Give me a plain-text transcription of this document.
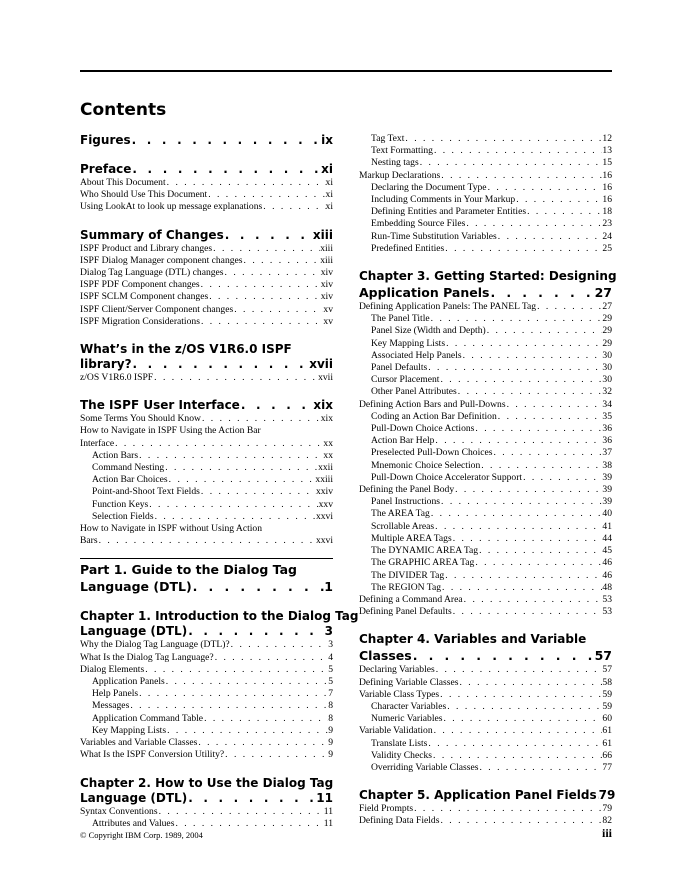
Contents
Figures . . .	ix
Preface . . .	xi
About This Document . . .	xi
Who Should Use This Document . . .	xi
Using LookAt to look up message explanations . . .	xi
Summary of Changes . . .	xiii
ISPF Product and Library changes . . .	xiii
ISPF Dialog Manager component changes . . .	xiii
Dialog Tag Language (DTL) changes . . .	xiv
ISPF PDF Component changes . . .	xiv
ISPF SCLM Component changes . . .	xiv
ISPF Client/Server Component changes . . .	xv
ISPF Migration Considerations . . .	xv
What’s in the z/OS V1R6.0 ISPF
library? . . .	xvii
z/OS V1R6.0 ISPF . . .	xvii
The ISPF User Interface . . .	xix
Some Terms You Should Know . . .	xix
How to Navigate in ISPF Using the Action Bar
Interface . . .	xx
Action Bars . . .	xx
Command Nesting . . .	xxii
Action Bar Choices . . .	xxiii
Point-and-Shoot Text Fields . . .	xxiv
Function Keys . . .	xxv
Selection Fields . . .	xxvi
How to Navigate in ISPF without Using Action
Bars . . .	xxvi
Part 1. Guide to the Dialog Tag
Language (DTL) . . .	1
Chapter 1. Introduction to the Dialog Tag
Language (DTL) . . .	3
Why the Dialog Tag Language (DTL)? . . .	3
What Is the Dialog Tag Language? . . .	4
Dialog Elements . . .	5
Application Panels . . .	5
Help Panels . . .	7
Messages . . .	8
Application Command Table . . .	8
Key Mapping Lists . . .	9
Variables and Variable Classes . . .	9
What Is the ISPF Conversion Utility? . . .	9
Chapter 2. How to Use the Dialog Tag
Language (DTL) . . .	11
Syntax Conventions . . .	11
Attributes and Values . . .	11
Tag Text . . .	12
Text Formatting . . .	13
Nesting tags . . .	15
Markup Declarations . . .	16
Declaring the Document Type . . .	16
Including Comments in Your Markup . . .	16
Defining Entities and Parameter Entities . . .	18
Embedding Source Files . . .	23
Run-Time Substitution Variables . . .	24
Predefined Entities . . .	25
Chapter 3. Getting Started: Designing
Application Panels . . .	27
Defining Application Panels: The PANEL Tag . . .	27
The Panel Title . . .	29
Panel Size (Width and Depth) . . .	29
Key Mapping Lists . . .	29
Associated Help Panels . . .	30
Panel Defaults . . .	30
Cursor Placement . . .	30
Other Panel Attributes . . .	32
Defining Action Bars and Pull-Downs . . .	34
Coding an Action Bar Definition . . .	35
Pull-Down Choice Actions . . .	36
Action Bar Help . . .	36
Preselected Pull-Down Choices . . .	37
Mnemonic Choice Selection . . .	38
Pull-Down Choice Accelerator Support . . .	39
Defining the Panel Body . . .	39
Panel Instructions . . .	39
The AREA Tag . . .	40
Scrollable Areas . . .	41
Multiple AREA Tags . . .	44
The DYNAMIC AREA Tag . . .	45
The GRAPHIC AREA Tag . . .	46
The DIVIDER Tag . . .	46
The REGION Tag . . .	48
Defining a Command Area . . .	53
Defining Panel Defaults . . .	53
Chapter 4. Variables and Variable
Classes . . .	57
Declaring Variables . . .	57
Defining Variable Classes . . .	58
Variable Class Types . . .	59
Character Variables . . .	59
Numeric Variables . . .	60
Variable Validation . . .	61
Translate Lists . . .	61
Validity Checks . . .	66
Overriding Variable Classes . . .	77
Chapter 5. Application Panel Fields . . . 79
Field Prompts . . .	79
Defining Data Fields . . .	82
© Copyright IBM Corp. 1989, 2004	iii
